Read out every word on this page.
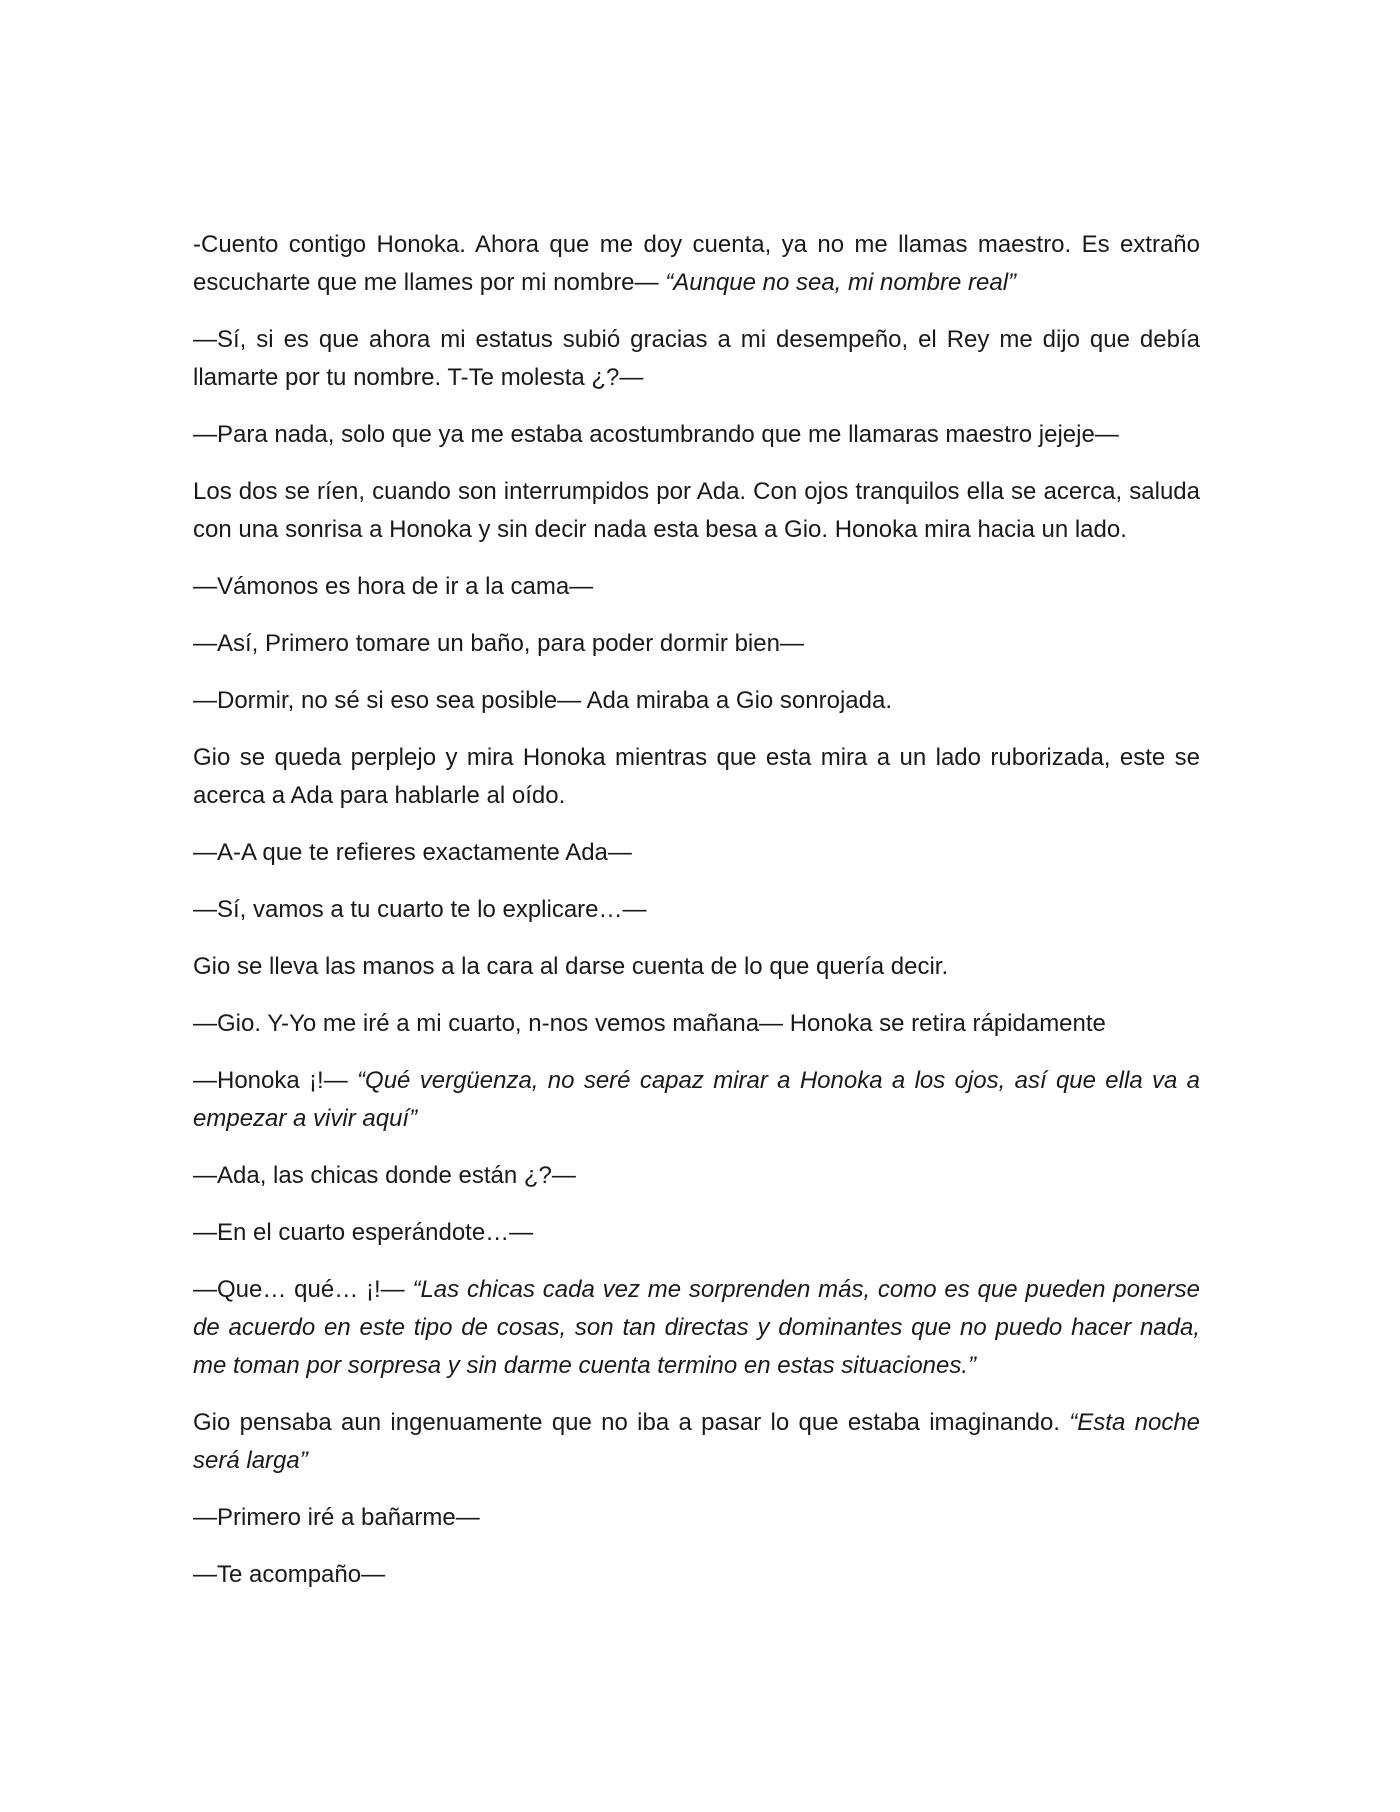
-Cuento contigo Honoka. Ahora que me doy cuenta, ya no me llamas maestro. Es extraño escucharte que me llames por mi nombre— “Aunque no sea, mi nombre real”

—Sí, si es que ahora mi estatus subió gracias a mi desempeño, el Rey me dijo que debía llamarte por tu nombre. T-Te molesta ¿?—

—Para nada, solo que ya me estaba acostumbrando que me llamaras maestro jejeje—

Los dos se ríen, cuando son interrumpidos por Ada. Con ojos tranquilos ella se acerca, saluda con una sonrisa a Honoka y sin decir nada esta besa a Gio. Honoka mira hacia un lado.

—Vámonos es hora de ir a la cama—

—Así, Primero tomare un baño, para poder dormir bien—

—Dormir, no sé si eso sea posible— Ada miraba a Gio sonrojada.

Gio se queda perplejo y mira Honoka mientras que esta mira a un lado ruborizada, este se acerca a Ada para hablarle al oído.

—A-A que te refieres exactamente Ada—

—Sí, vamos a tu cuarto te lo explicare…—

Gio se lleva las manos a la cara al darse cuenta de lo que quería decir.

—Gio. Y-Yo me iré a mi cuarto, n-nos vemos mañana— Honoka se retira rápidamente

—Honoka ¡!— “Qué vergüenza, no seré capaz mirar a Honoka a los ojos, así que ella va a empezar a vivir aquí”

—Ada, las chicas donde están ¿?—

—En el cuarto esperándote…—

—Que… qué… ¡!— “Las chicas cada vez me sorprenden más, como es que pueden ponerse de acuerdo en este tipo de cosas, son tan directas y dominantes que no puedo hacer nada, me toman por sorpresa y sin darme cuenta termino en estas situaciones.”

Gio pensaba aun ingenuamente que no iba a pasar lo que estaba imaginando. “Esta noche será larga”

—Primero iré a bañarme—

—Te acompaño—
